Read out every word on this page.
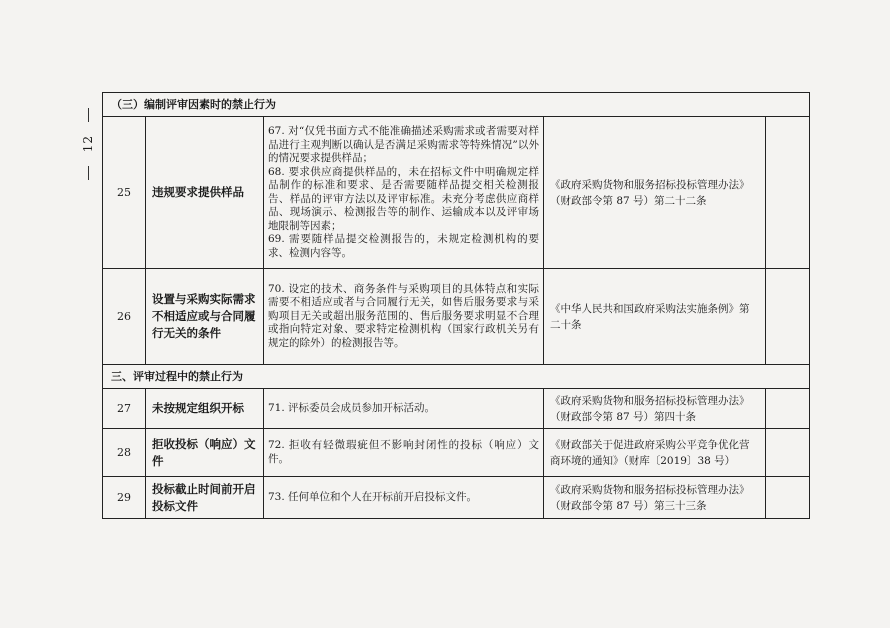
12
（三）编制评审因素时的禁止行为				
25	违规要求提供样品	67. 对“仅凭书面方式不能准确描述采购需求或者需要对样品进行主观判断以确认是否满足采购需求等特殊情况”以外的情况要求提供样品；

68. 要求供应商提供样品的，未在招标文件中明确规定样品制作的标准和要求、是否需要随样品提交相关检测报告、样品的评审方法以及评审标准。未充分考虑供应商样品、现场演示、检测报告等的制作、运输成本以及评审场地限制等因素；

69. 需要随样品提交检测报告的，未规定检测机构的要求、检测内容等。	《政府采购货物和服务招标投标管理办法》（财政部令第 87 号）第二十二条	
26	设置与采购实际需求不相适应或与合同履行无关的条件	70. 设定的技术、商务条件与采购项目的具体特点和实际需要不相适应或者与合同履行无关，如售后服务要求与采购项目无关或超出服务范围的、售后服务要求明显不合理或指向特定对象、要求特定检测机构（国家行政机关另有规定的除外）的检测报告等。	《中华人民共和国政府采购法实施条例》第二十条	
三、评审过程中的禁止行为				
27	未按规定组织开标	71. 评标委员会成员参加开标活动。	《政府采购货物和服务招标投标管理办法》（财政部令第 87 号）第四十条	
28	拒收投标（响应）文件	72. 拒收有轻微瑕疵但不影响封闭性的投标（响应）文件。	《财政部关于促进政府采购公平竞争优化营商环境的通知》（财库〔2019〕38 号）	
29	投标截止时间前开启投标文件	73. 任何单位和个人在开标前开启投标文件。	《政府采购货物和服务招标投标管理办法》（财政部令第 87 号）第三十三条	
